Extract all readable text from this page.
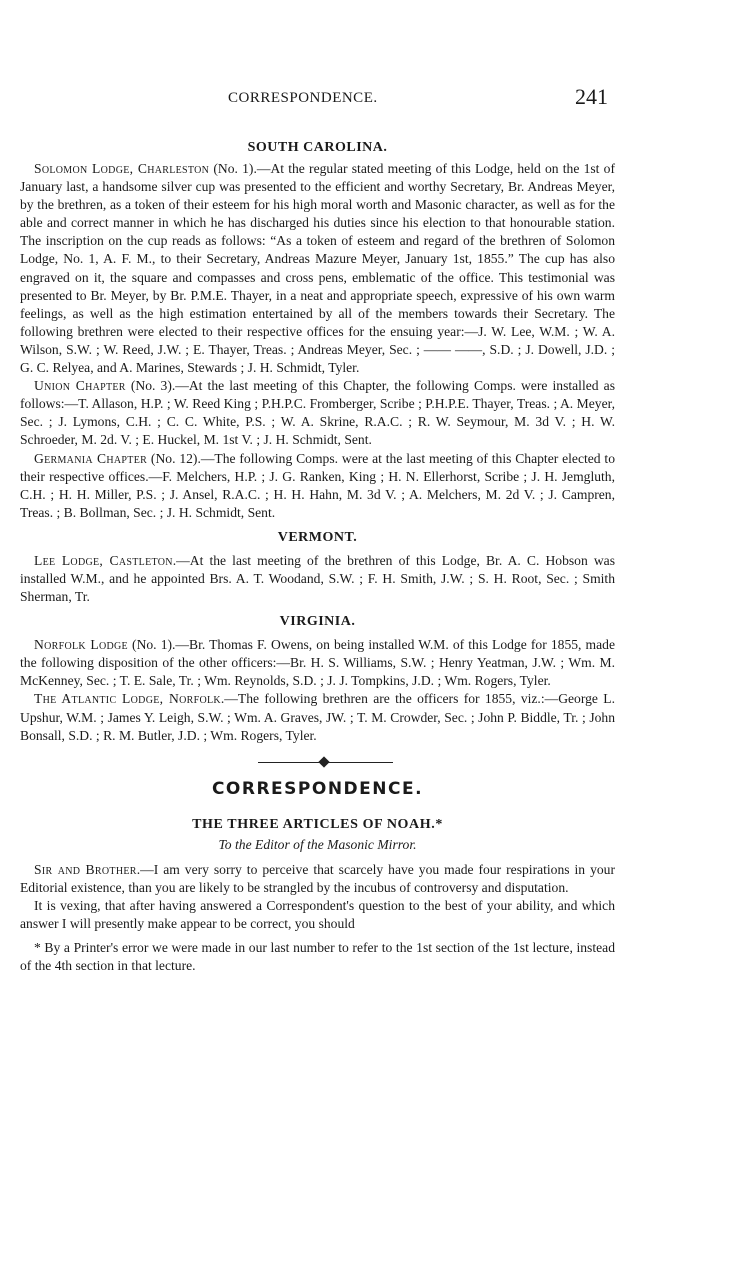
CORRESPONDENCE.	241
SOUTH CAROLINA.

Solomon Lodge, Charleston (No. 1).—At the regular stated meeting of this Lodge, held on the 1st of January last, a handsome silver cup was presented to the efficient and worthy Secretary, Br. Andreas Meyer, by the brethren, as a token of their esteem for his high moral worth and Masonic character, as well as for the able and correct manner in which he has discharged his duties since his election to that honourable station. The inscription on the cup reads as follows: “As a token of esteem and regard of the brethren of Solomon Lodge, No. 1, A. F. M., to their Secretary, Andreas Mazure Meyer, January 1st, 1855.” The cup has also engraved on it, the square and compasses and cross pens, emblematic of the office. This testimonial was presented to Br. Meyer, by Br. P.M.E. Thayer, in a neat and appropriate speech, expressive of his own warm feelings, as well as the high estimation entertained by all of the members towards their Secretary. The following brethren were elected to their respective offices for the ensuing year:—J. W. Lee, W.M. ; W. A. Wilson, S.W. ; W. Reed, J.W. ; E. Thayer, Treas. ; Andreas Meyer, Sec. ; —— ——, S.D. ; J. Dowell, J.D. ; G. C. Relyea, and A. Marines, Stewards ; J. H. Schmidt, Tyler.

Union Chapter (No. 3).—At the last meeting of this Chapter, the following Comps. were installed as follows:—T. Allason, H.P. ; W. Reed King ; P.H.P.C. Fromberger, Scribe ; P.H.P.E. Thayer, Treas. ; A. Meyer, Sec. ; J. Lymons, C.H. ; C. C. White, P.S. ; W. A. Skrine, R.A.C. ; R. W. Seymour, M. 3d V. ; H. W. Schroeder, M. 2d. V. ; E. Huckel, M. 1st V. ; J. H. Schmidt, Sent.

Germania Chapter (No. 12).—The following Comps. were at the last meeting of this Chapter elected to their respective offices.—F. Melchers, H.P. ; J. G. Ranken, King ; H. N. Ellerhorst, Scribe ; J. H. Jemgluth, C.H. ; H. H. Miller, P.S. ; J. Ansel, R.A.C. ; H. H. Hahn, M. 3d V. ; A. Melchers, M. 2d V. ; J. Campren, Treas. ; B. Bollman, Sec. ; J. H. Schmidt, Sent.

VERMONT.

Lee Lodge, Castleton.—At the last meeting of the brethren of this Lodge, Br. A. C. Hobson was installed W.M., and he appointed Brs. A. T. Woodand, S.W. ; F. H. Smith, J.W. ; S. H. Root, Sec. ; Smith Sherman, Tr.

VIRGINIA.

Norfolk Lodge (No. 1).—Br. Thomas F. Owens, on being installed W.M. of this Lodge for 1855, made the following disposition of the other officers:—Br. H. S. Williams, S.W. ; Henry Yeatman, J.W. ; Wm. M. McKenney, Sec. ; T. E. Sale, Tr. ; Wm. Reynolds, S.D. ; J. J. Tompkins, J.D. ; Wm. Rogers, Tyler.

The Atlantic Lodge, Norfolk.—The following brethren are the officers for 1855, viz.:—George L. Upshur, W.M. ; James Y. Leigh, S.W. ; Wm. A. Graves, JW. ; T. M. Crowder, Sec. ; John P. Biddle, Tr. ; John Bonsall, S.D. ; R. M. Butler, J.D. ; Wm. Rogers, Tyler.

CORRESPONDENCE.
THE THREE ARTICLES OF NOAH.*
To the Editor of the Masonic Mirror.

Sir and Brother.—I am very sorry to perceive that scarcely have you made four respirations in your Editorial existence, than you are likely to be strangled by the incubus of controversy and disputation.

It is vexing, that after having answered a Correspondent's question to the best of your ability, and which answer I will presently make appear to be correct, you should

* By a Printer's error we were made in our last number to refer to the 1st section of the 1st lecture, instead of the 4th section in that lecture.
